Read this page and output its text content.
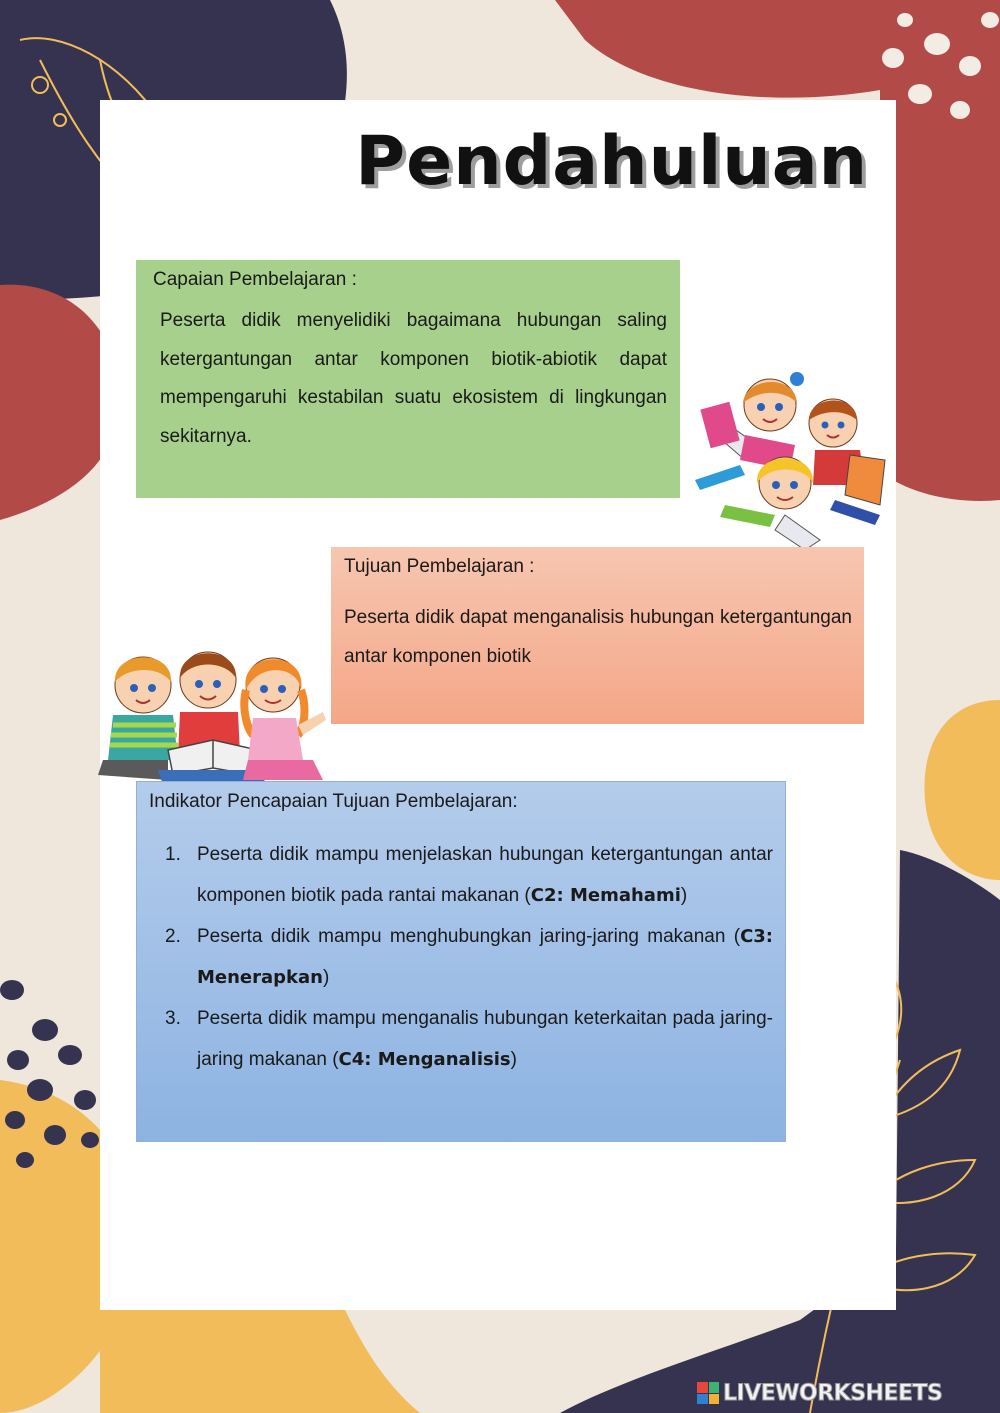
Pendahuluan

Capaian Pembelajaran :

Peserta didik menyelidiki bagaimana hubungan saling ketergantungan antar komponen biotik-abiotik dapat mempengaruhi kestabilan suatu ekosistem di lingkungan sekitarnya.

Tujuan Pembelajaran :

Peserta didik dapat menganalisis hubungan ketergantungan antar komponen biotik

Indikator Pencapaian Tujuan Pembelajaran:

1. Peserta didik mampu menjelaskan hubungan ketergantungan antar komponen biotik pada rantai makanan (C2: Memahami)
2. Peserta didik mampu menghubungkan jaring-jaring makanan (C3: Menerapkan)
3. Peserta didik mampu menganalis hubungan keterkaitan pada jaring-jaring makanan (C4: Menganalisis)
LIVEWORKSHEETS
